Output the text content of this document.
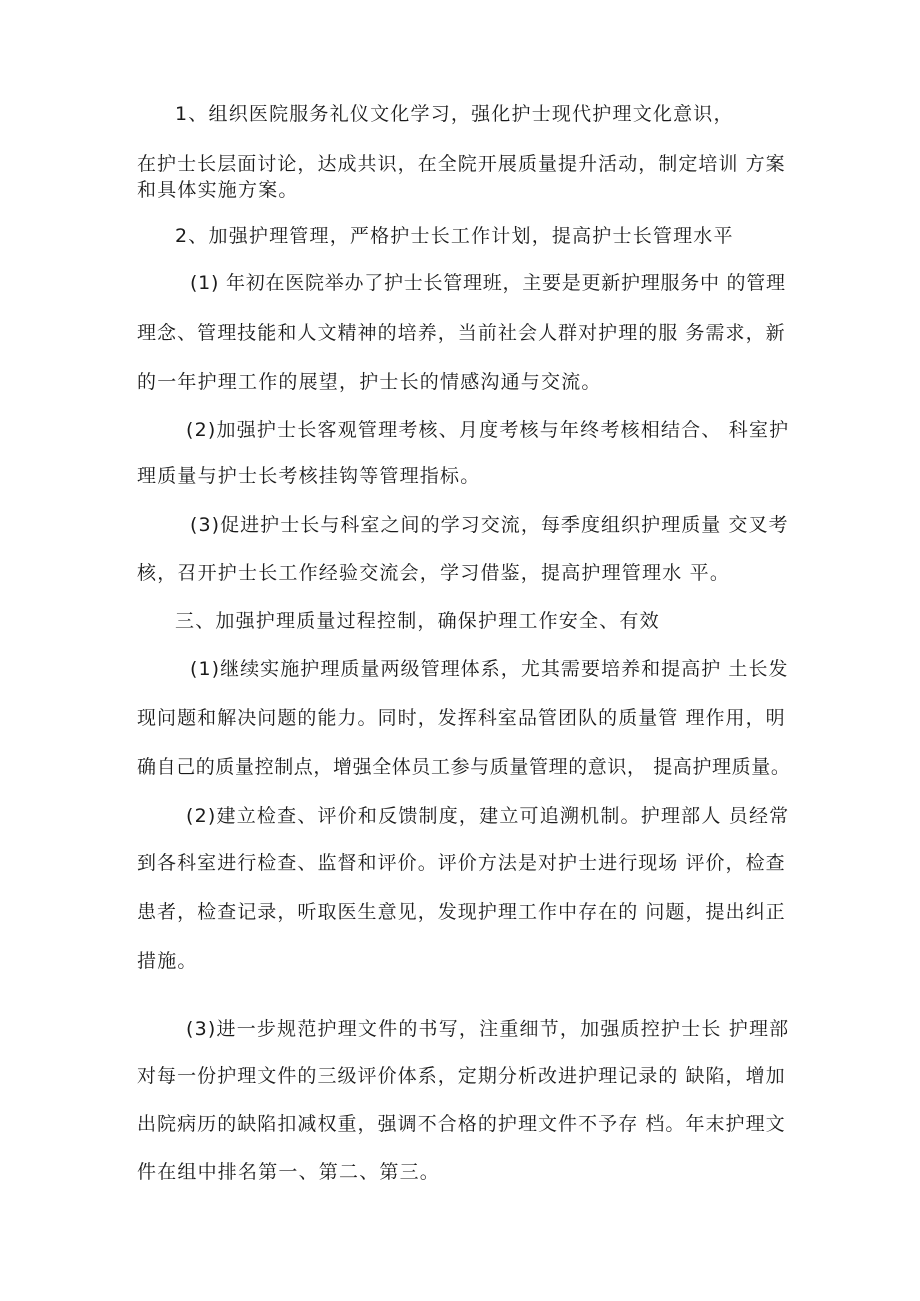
1、组织医院服务礼仪文化学习，强化护士现代护理文化意识，
在护士长层面讨论，达成共识，在全院开展质量提升活动，制定培训 方案
和具体实施方案。
2、加强护理管理，严格护士长工作计划，提高护士长管理水平
(1) 年初在医院举办了护士长管理班，主要是更新护理服务中 的管理
理念、管理技能和人文精神的培养，当前社会人群对护理的服 务需求，新
的一年护理工作的展望，护士长的情感沟通与交流。
(2)加强护士长客观管理考核、月度考核与年终考核相结合、 科室护
理质量与护士长考核挂钩等管理指标。
(3)促进护士长与科室之间的学习交流，每季度组织护理质量 交叉考
核，召开护士长工作经验交流会，学习借鉴，提高护理管理水 平。
三、加强护理质量过程控制，确保护理工作安全、有效
(1)继续实施护理质量两级管理体系，尤其需要培养和提高护 土长发
现问题和解决问题的能力。同时，发挥科室品管团队的质量管 理作用，明
确自己的质量控制点，增强全体员工参与质量管理的意识， 提高护理质量。
(2)建立检查、评价和反馈制度，建立可追溯机制。护理部人 员经常
到各科室进行检查、监督和评价。评价方法是对护士进行现场 评价，检查
患者，检查记录，听取医生意见，发现护理工作中存在的 问题，提出纠正
措施。
(3)进一步规范护理文件的书写，注重细节，加强质控护士长 护理部
对每一份护理文件的三级评价体系，定期分析改进护理记录的 缺陷，增加
出院病历的缺陷扣减权重，强调不合格的护理文件不予存 档。年末护理文
件在组中排名第一、第二、第三。
